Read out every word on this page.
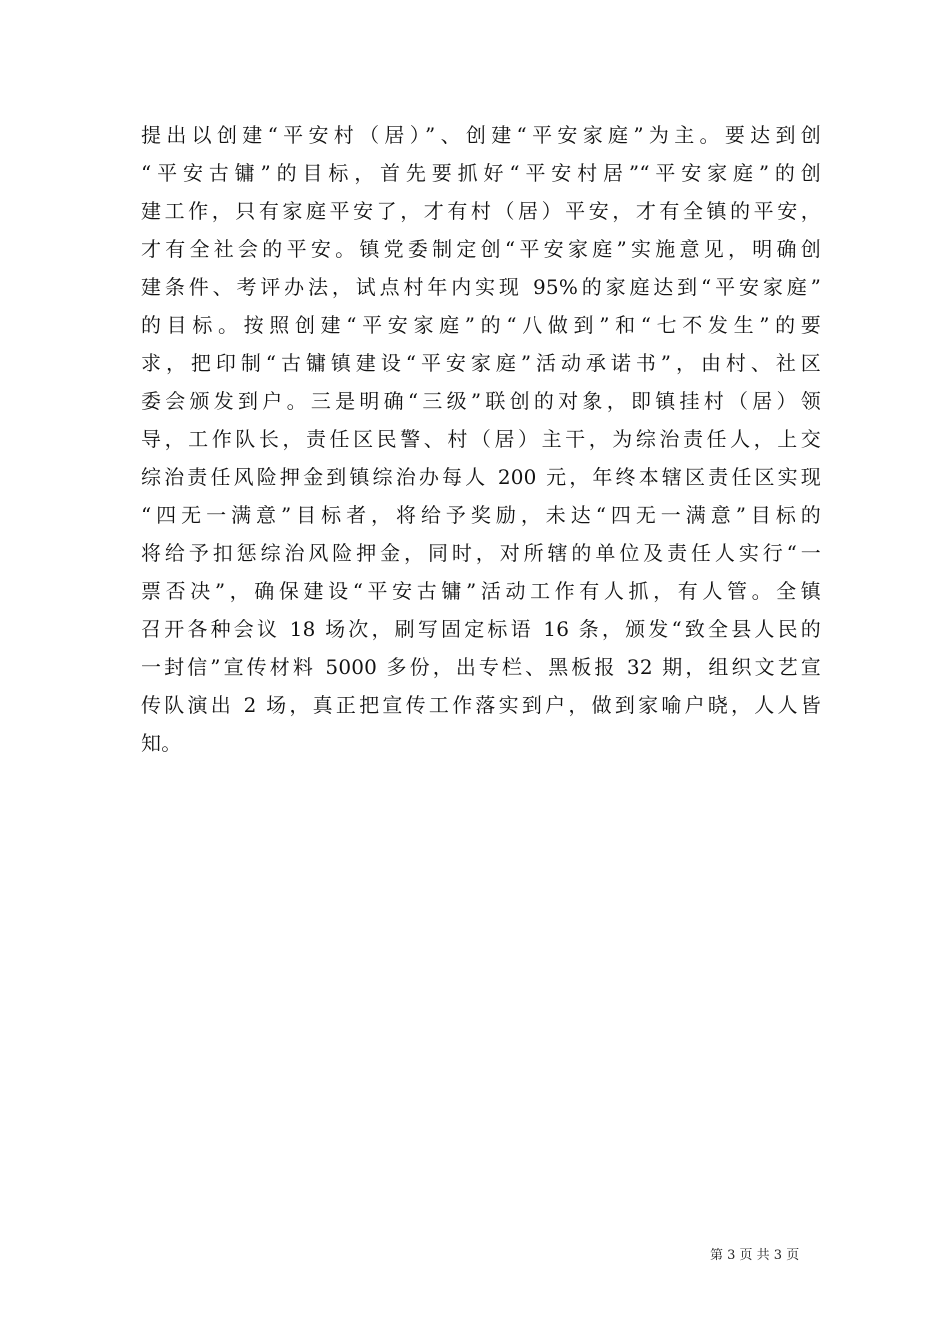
提出以创建“平安村（居）”、创建“平安家庭”为主。要达到创
“平安古镛”的目标，首先要抓好“平安村居”“平安家庭”的创
建工作，只有家庭平安了，才有村（居）平安，才有全镇的平安，
才有全社会的平安。镇党委制定创“平安家庭”实施意见，明确创
建条件、考评办法，试点村年内实现 95%的家庭达到“平安家庭”
的目标。按照创建“平安家庭”的“八做到”和“七不发生”的要
求，把印制“古镛镇建设“平安家庭”活动承诺书”，由村、社区
委会颁发到户。三是明确“三级”联创的对象，即镇挂村（居）领
导，工作队长，责任区民警、村（居）主干，为综治责任人，上交
综治责任风险押金到镇综治办每人 200 元，年终本辖区责任区实现
“四无一满意”目标者，将给予奖励，未达“四无一满意”目标的
将给予扣惩综治风险押金，同时，对所辖的单位及责任人实行“一
票否决”，确保建设“平安古镛”活动工作有人抓，有人管。全镇
召开各种会议 18 场次，刷写固定标语 16 条，颁发“致全县人民的
一封信”宣传材料 5000 多份，出专栏、黑板报 32 期，组织文艺宣
传队演出 2 场，真正把宣传工作落实到户，做到家喻户晓，人人皆
知。
第 3 页 共 3 页
